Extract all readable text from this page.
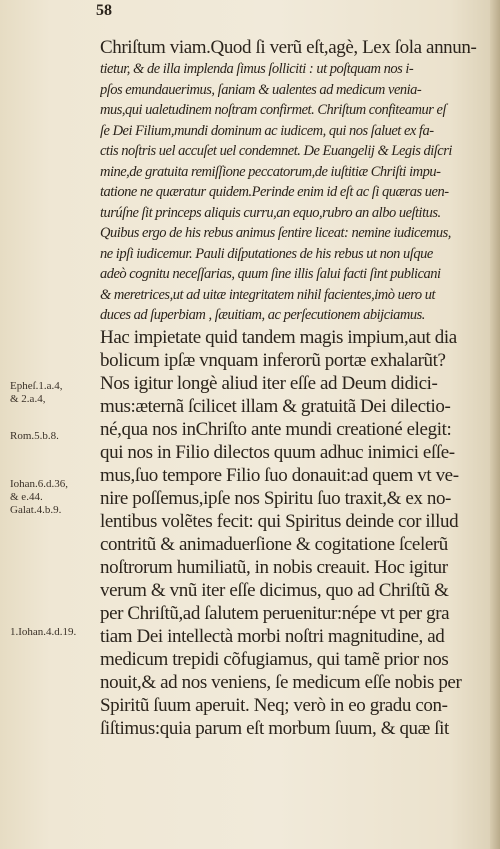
58
Epheſ.1.a.4,
& 2.a.4,
Rom.5.b.8.
Iohan.6.d.36,
& e.44.
Galat.4.b.9.
1.Iohan.4.d.19.
Chriſtum viam.Quod ſi verũ eſt,agè, Lex ſola annun-
tietur, & de illa implenda ſimus ſolliciti : ut poſtquam nos i-
pſos emundauerimus, ſaniam & ualentes ad medicum venia-
mus,qui ualetudinem noſtram confirmet. Chriſtum confiteamur eſ
ſe Dei Filium,mundi dominum ac iudicem, qui nos ſaluet ex fa-
ctis noſtris uel accuſet uel condemnet. De Euangelij & Legis diſcri
mine,de gratuita remiſſione peccatorum,de iuſtitiæ Chriſti impu-
tatione ne quæratur quidem.Perinde enim id eſt ac ſi quæras uen-
turúſne ſit princeps aliquis curru,an equo,rubro an albo ueſtitus.
Quibus ergo de his rebus animus ſentire liceat: nemine iudicemus,
ne ipſi iudicemur. Pauli diſputationes de his rebus ut non uſque
adeò cognitu neceſſarias, quum ſine illis ſalui facti ſint publicani
& meretrices,ut ad uitæ integritatem nihil facientes,imò uero ut
duces ad ſuperbiam , ſæuitiam, ac perſecutionem abijciamus.
Hac impietate quid tandem magis impium,aut dia
bolicum ipſæ vnquam inferorũ portæ exhalarũt?
Nos igitur longè aliud iter eſſe ad Deum didici-
mus:æternã ſcilicet illam & gratuitã Dei dilectio-
né,qua nos inChriſto ante mundi creationé elegit:
qui nos in Filio dilectos quum adhuc inimici eſſe-
mus,ſuo tempore Filio ſuo donauit:ad quem vt ve-
nire poſſemus,ipſe nos Spiritu ſuo traxit,& ex no-
lentibus volẽtes fecit: qui Spiritus deinde cor illud
contritũ & animaduerſione & cogitatione ſcelerũ
noſtrorum humiliatũ, in nobis creauit. Hoc igitur
verum & vnũ iter eſſe dicimus, quo ad Chriſtũ &
per Chriſtũ,ad ſalutem peruenitur:népe vt per gra
tiam Dei intellectà morbi noſtri magnitudine, ad
medicum trepidi cõfugiamus, qui tamẽ prior nos
nouit,& ad nos veniens, ſe medicum eſſe nobis per
Spiritũ ſuum aperuit. Neq; verò in eo gradu con-
ſiſtimus:quia parum eſt morbum ſuum, & quæ ſit
